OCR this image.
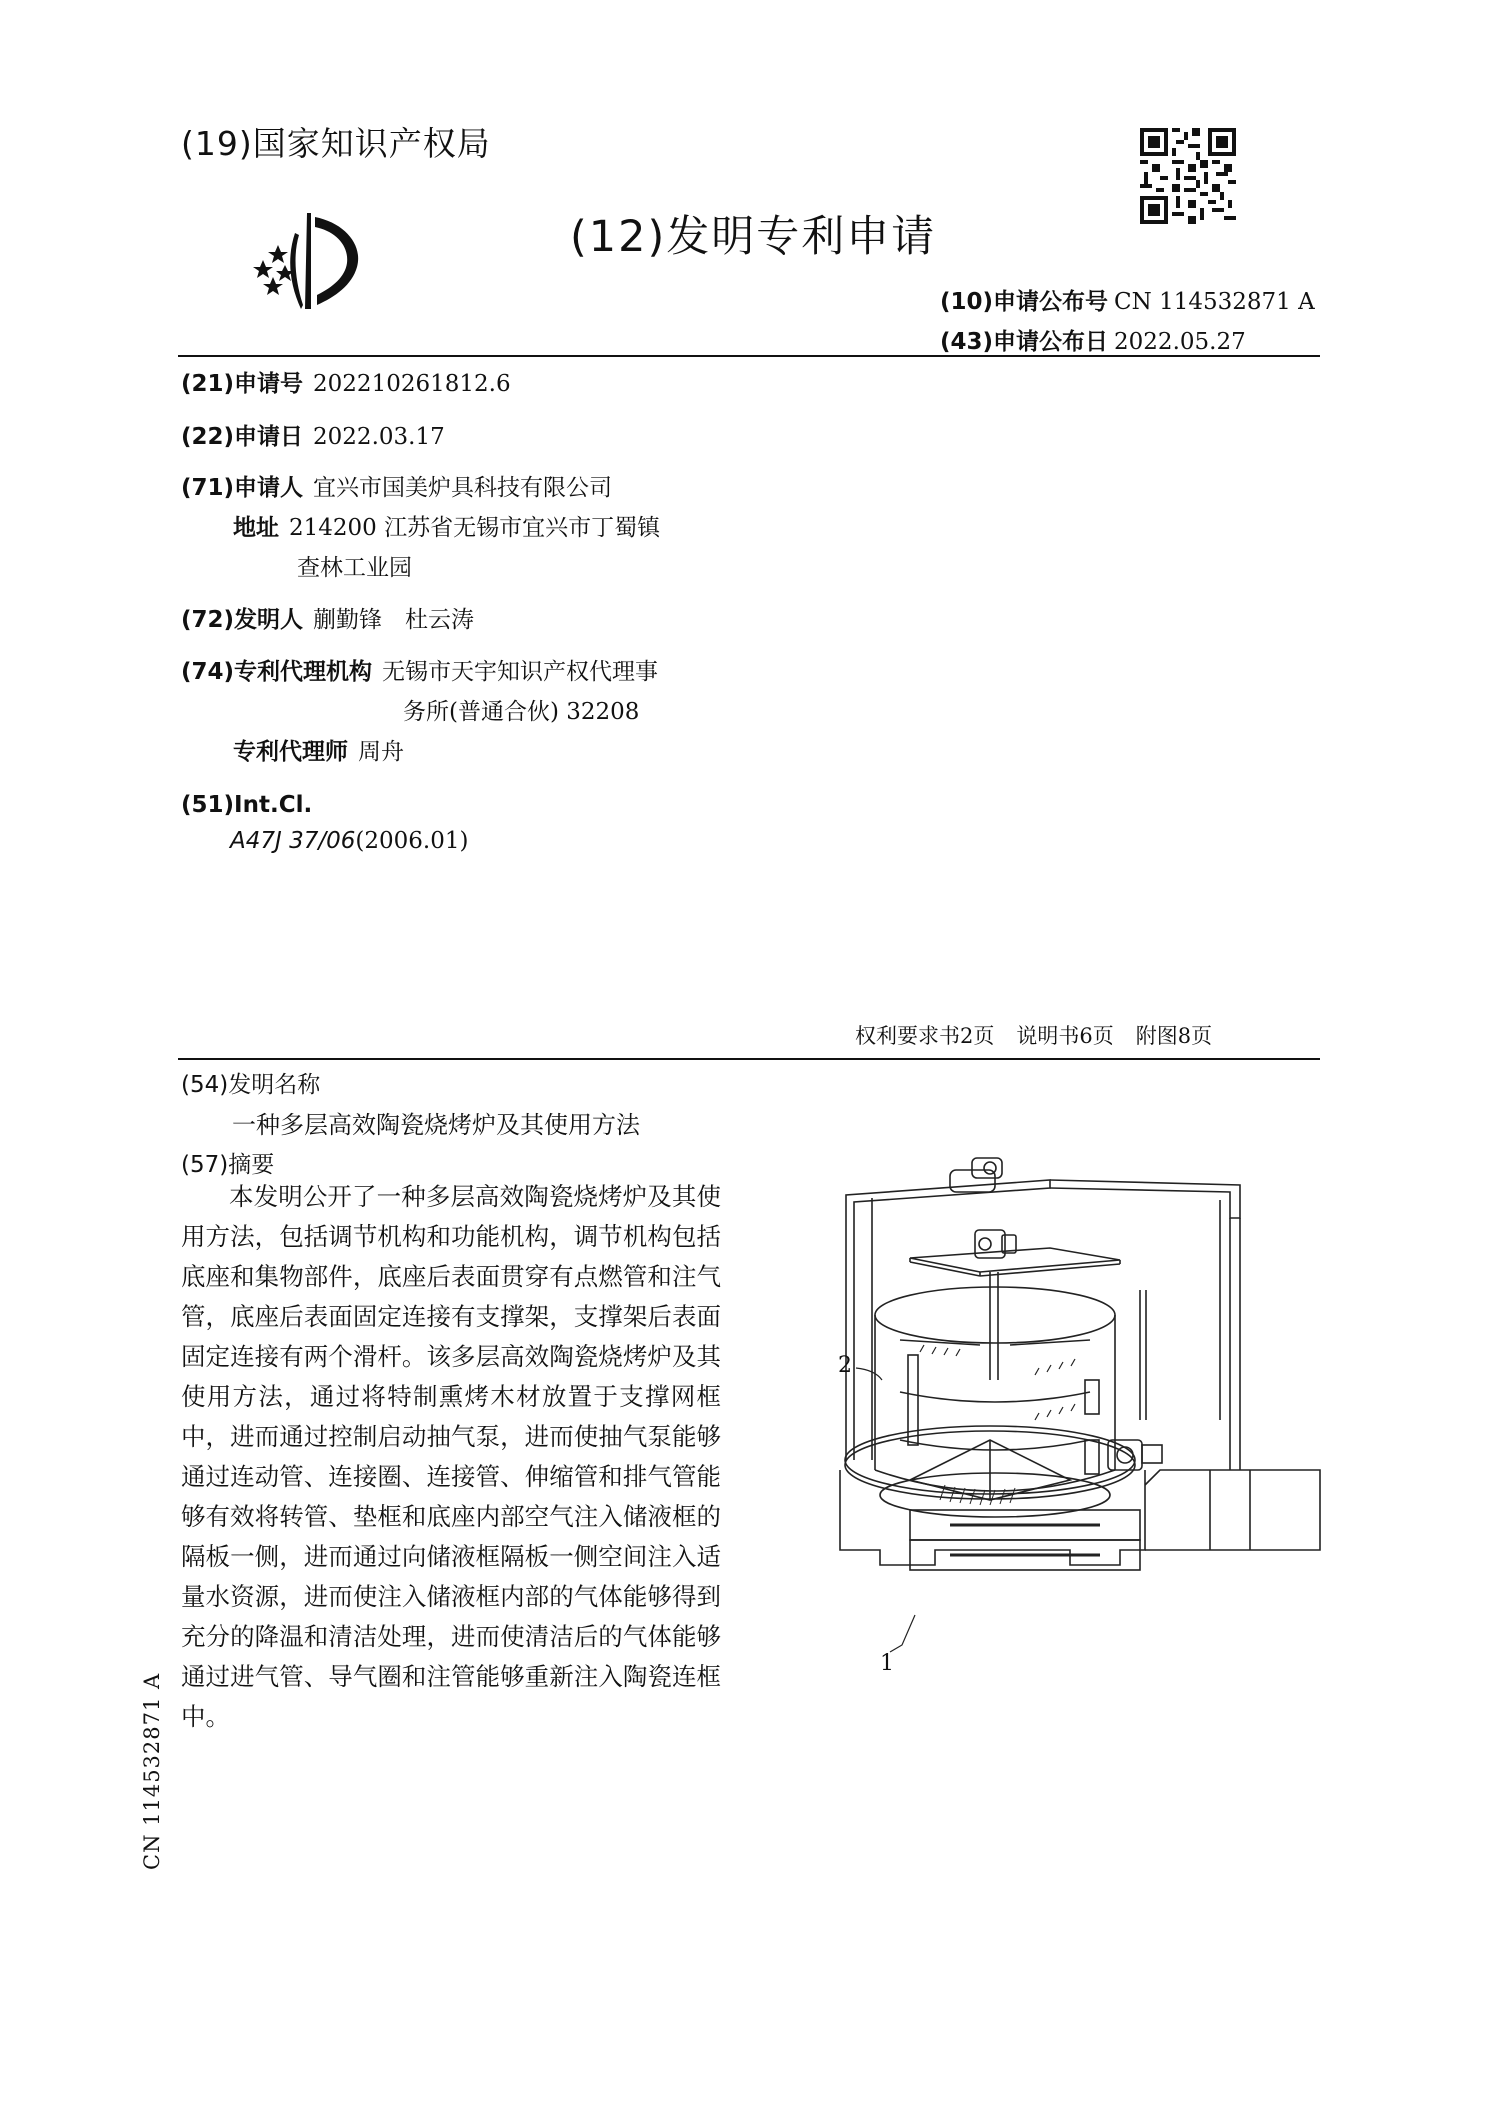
(19)国家知识产权局
(12)发明专利申请
(10)申请公布号 CN 114532871 A
(43)申请公布日 2022.05.27
(21)申请号 202210261812.6
(22)申请日 2022.03.17
(71)申请人 宜兴市国美炉具科技有限公司
地址 214200 江苏省无锡市宜兴市丁蜀镇
查林工业园
(72)发明人 蒯勤锋　杜云涛
(74)专利代理机构 无锡市天宇知识产权代理事
务所(普通合伙) 32208
专利代理师 周舟
(51)Int.Cl.
A47J 37/06(2006.01)
权利要求书2页 说明书6页 附图8页
(54)发明名称
一种多层高效陶瓷烧烤炉及其使用方法
(57)摘要
本发明公开了一种多层高效陶瓷烧烤炉及其使用方法，包括调节机构和功能机构，调节机构包括底座和集物部件，底座后表面贯穿有点燃管和注气管，底座后表面固定连接有支撑架，支撑架后表面固定连接有两个滑杆。该多层高效陶瓷烧烤炉及其使用方法，通过将特制熏烤木材放置于支撑网框中，进而通过控制启动抽气泵，进而使抽气泵能够通过连动管、连接圈、连接管、伸缩管和排气管能够有效将转管、垫框和底座内部空气注入储液框的隔板一侧，进而通过向储液框隔板一侧空间注入适量水资源，进而使注入储液框内部的气体能够得到充分的降温和清洁处理，进而使清洁后的气体能够通过进气管、导气圈和注管能够重新注入陶瓷连框中。
2
1
CN 114532871 A
